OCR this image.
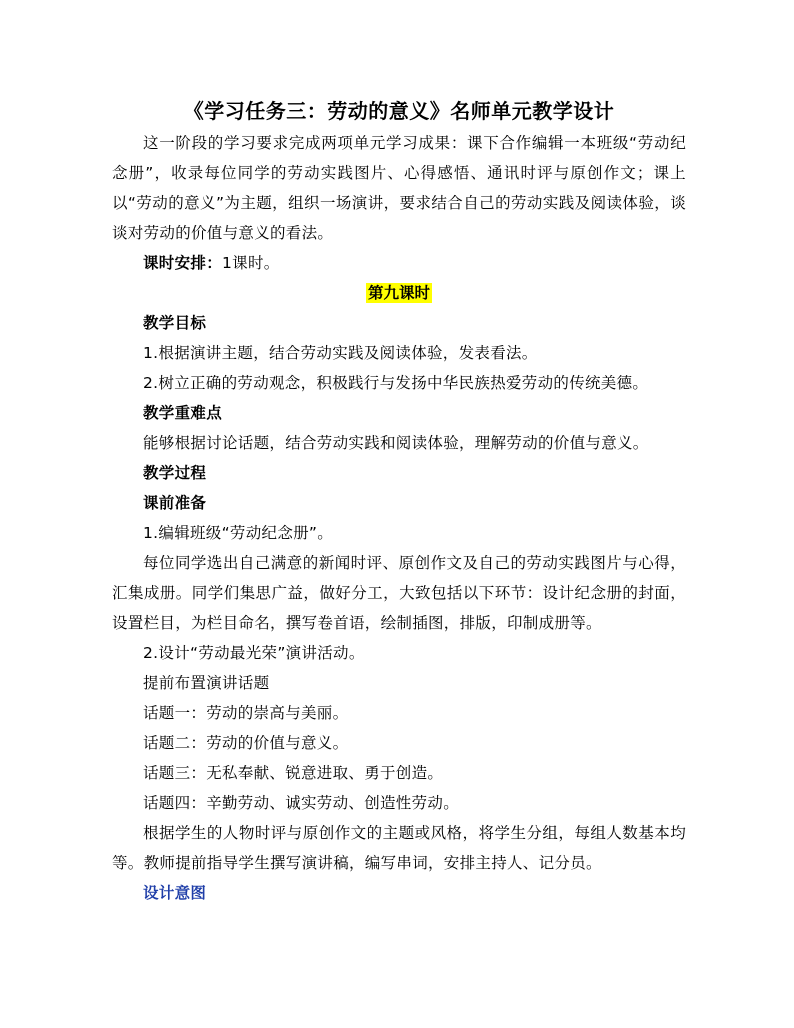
《学习任务三：劳动的意义》名师单元教学设计

这一阶段的学习要求完成两项单元学习成果：课下合作编辑一本班级“劳动纪念册”，收录每位同学的劳动实践图片、心得感悟、通讯时评与原创作文；课上以“劳动的意义”为主题，组织一场演讲，要求结合自己的劳动实践及阅读体验，谈谈对劳动的价值与意义的看法。

课时安排：1课时。

第九课时

教学目标

1.根据演讲主题，结合劳动实践及阅读体验，发表看法。

2.树立正确的劳动观念，积极践行与发扬中华民族热爱劳动的传统美德。

教学重难点

能够根据讨论话题，结合劳动实践和阅读体验，理解劳动的价值与意义。

教学过程

课前准备

1.编辑班级“劳动纪念册”。

每位同学选出自己满意的新闻时评、原创作文及自己的劳动实践图片与心得，汇集成册。同学们集思广益，做好分工，大致包括以下环节：设计纪念册的封面，设置栏目，为栏目命名，撰写卷首语，绘制插图，排版，印制成册等。

2.设计“劳动最光荣”演讲活动。

提前布置演讲话题

话题一：劳动的崇高与美丽。

话题二：劳动的价值与意义。

话题三：无私奉献、锐意进取、勇于创造。

话题四：辛勤劳动、诚实劳动、创造性劳动。

根据学生的人物时评与原创作文的主题或风格，将学生分组，每组人数基本均等。教师提前指导学生撰写演讲稿，编写串词，安排主持人、记分员。

设计意图
